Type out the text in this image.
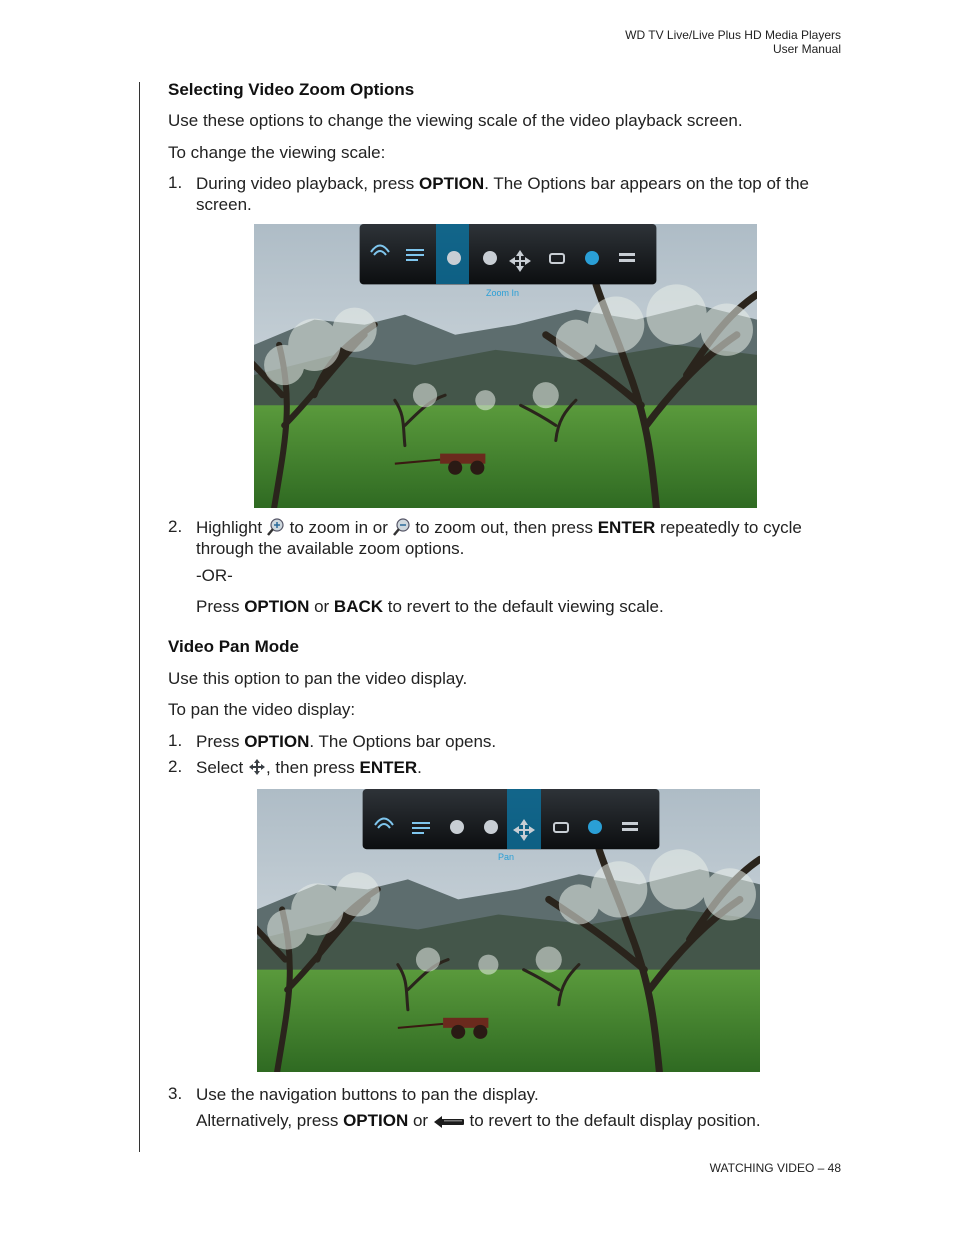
WD TV Live/Live Plus HD Media Players
User Manual
Selecting Video Zoom Options
Use these options to change the viewing scale of the video playback screen.
To change the viewing scale:
1. During video playback, press OPTION. The Options bar appears on the top of the screen.
Zoom In
2. Highlight  to zoom in or  to zoom out, then press ENTER repeatedly to cycle through the available zoom options.
-OR-
Press OPTION or BACK to revert to the default viewing scale.
Video Pan Mode
Use this option to pan the video display.
To pan the video display:
1. Press OPTION. The Options bar opens.
2. Select , then press ENTER.
Pan
3. Use the navigation buttons to pan the display.
Alternatively, press OPTION or  to revert to the default display position.
WATCHING VIDEO – 48
